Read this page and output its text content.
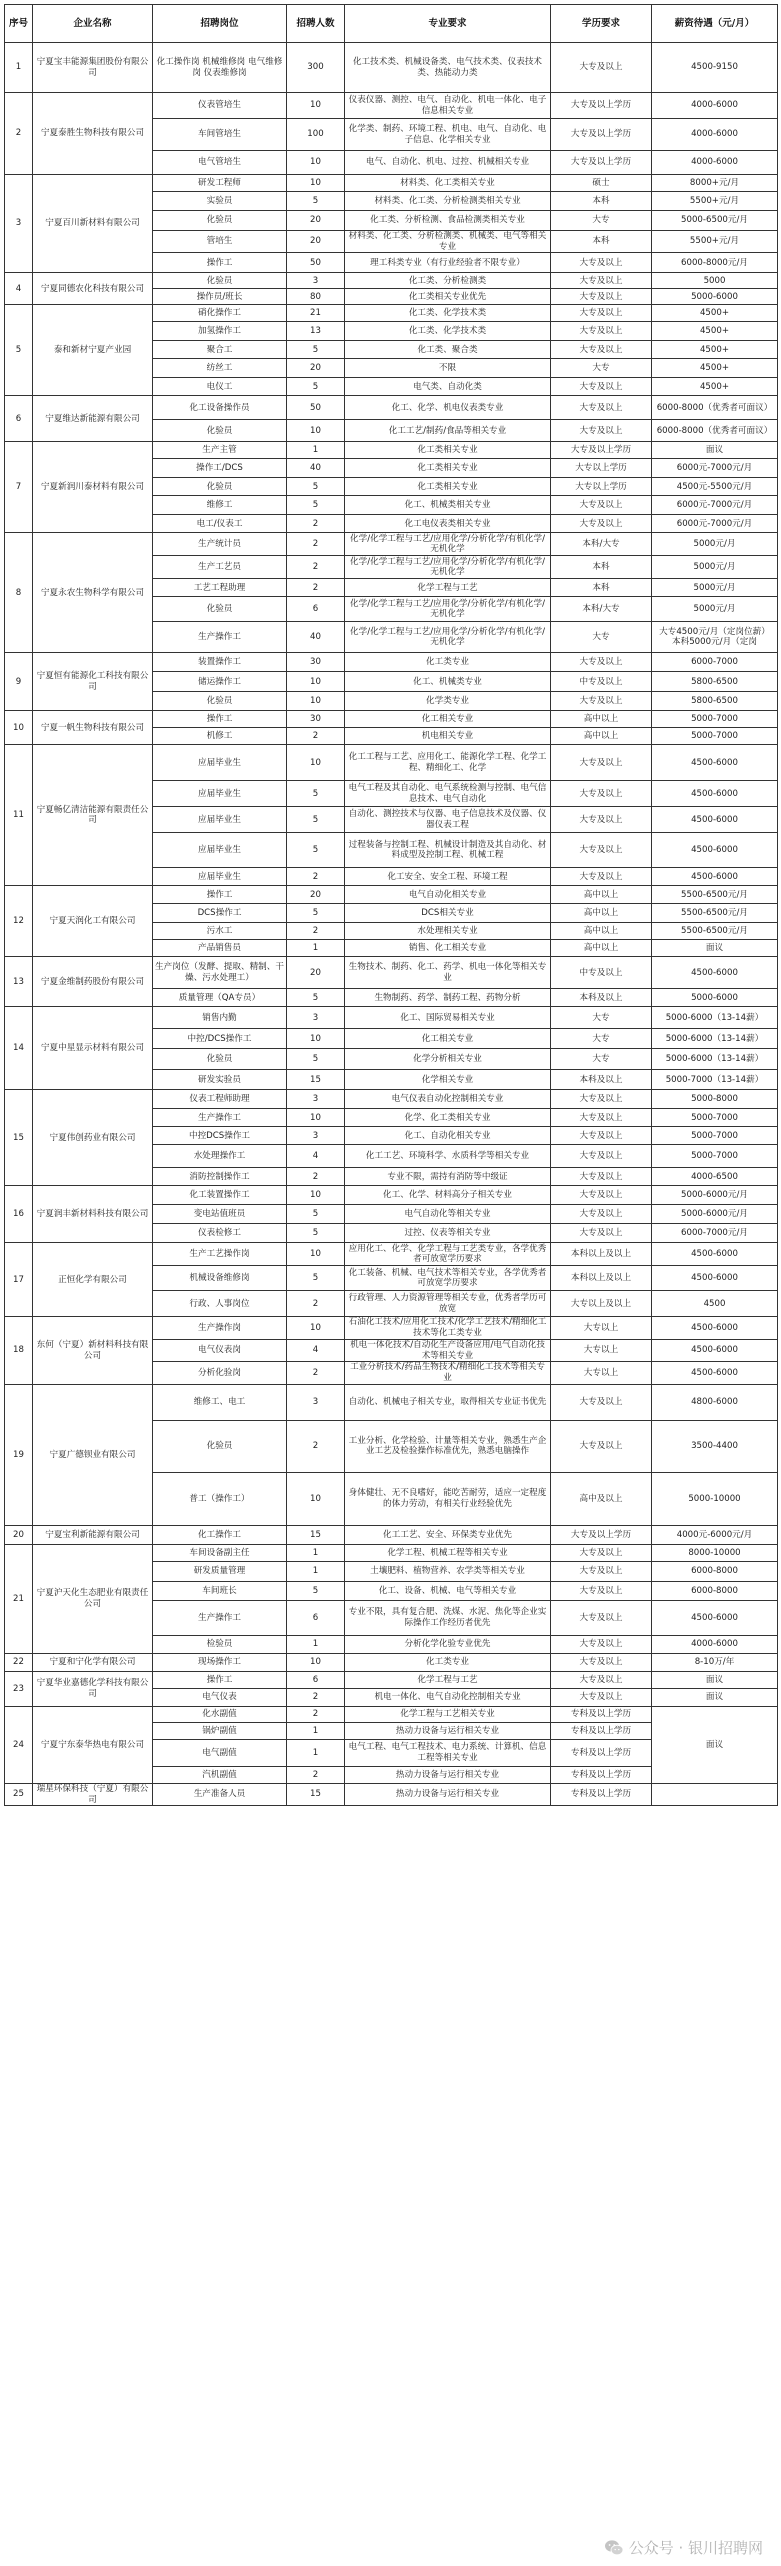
序号	企业名称	招聘岗位	招聘人数	专业要求	学历要求	薪资待遇（元/月）
1	宁夏宝丰能源集团股份有限公司	化工操作岗 机械维修岗 电气维修岗 仪表维修岗	300	化工技术类、机械设备类、电气技术类、仪表技术类、热能动力类	大专及以上	4500-9150
2	宁夏泰胜生物科技有限公司	仪表管培生	10	仪表仪器、测控、电气、自动化、机电一体化、电子信息相关专业	大专及以上学历	4000-6000
		车间管培生	100	化学类、制药、环境工程、机电、电气、自动化、电子信息、化学相关专业	大专及以上学历	4000-6000
		电气管培生	10	电气、自动化、机电、过控、机械相关专业	大专及以上学历	4000-6000
3	宁夏百川新材料有限公司	研发工程师	10	材料类、化工类相关专业	硕士	8000+元/月
		实验员	5	材料类、化工类、分析检测类相关专业	本科	5500+元/月
		化验员	20	化工类、分析检测、食品检测类相关专业	大专	5000-6500元/月
		管培生	20	材料类、化工类、分析检测类、机械类、电气等相关专业	本科	5500+元/月
		操作工	50	理工科类专业（有行业经验者不限专业）	大专及以上	6000-8000元/月
4	宁夏同德农化科技有限公司	化验员	3	化工类、分析检测类	大专及以上	5000
		操作员/班长	80	化工类相关专业优先	大专及以上	5000-6000
5	泰和新材宁夏产业园	硝化操作工	21	化工类、化学技术类	大专及以上	4500+
		加氢操作工	13	化工类、化学技术类	大专及以上	4500+
		聚合工	5	化工类、聚合类	大专及以上	4500+
		纺丝工	20	不限	大专	4500+
		电仪工	5	电气类、自动化类	大专及以上	4500+
6	宁夏维达新能源有限公司	化工设备操作员	50	化工、化学、机电仪表类专业	大专及以上	6000-8000（优秀者可面议）
		化验员	10	化工工艺/制药/食品等相关专业	大专及以上	6000-8000（优秀者可面议）
7	宁夏新润川泰材料有限公司	生产主管	1	化工类相关专业	大专及以上学历	面议
		操作工/DCS	40	化工类相关专业	大专以上学历	6000元-7000元/月
		化验员	5	化工类相关专业	大专以上学历	4500元-5500元/月
		维修工	5	化工、机械类相关专业	大专及以上	6000元-7000元/月
		电工/仪表工	2	化工电仪表类相关专业	大专及以上	6000元-7000元/月
8	宁夏永农生物科学有限公司	生产统计员	2	化学/化学工程与工艺/应用化学/分析化学/有机化学/无机化学	本科/大专	5000元/月
		生产工艺员	2	化学/化学工程与工艺/应用化学/分析化学/有机化学/无机化学	本科	5000元/月
		工艺工程助理	2	化学工程与工艺	本科	5000元/月
		化验员	6	化学/化学工程与工艺/应用化学/分析化学/有机化学/无机化学	本科/大专	5000元/月
		生产操作工	40	化学/化学工程与工艺/应用化学/分析化学/有机化学/无机化学	大专	大专4500元/月（定岗位薪） 本科5000元/月（定岗
9	宁夏恒有能源化工科技有限公司	装置操作工	30	化工类专业	大专及以上	6000-7000
		储运操作工	10	化工、机械类专业	中专及以上	5800-6500
		化验员	10	化学类专业	大专及以上	5800-6500
10	宁夏一帆生物科技有限公司	操作工	30	化工相关专业	高中以上	5000-7000
		机修工	2	机电相关专业	高中以上	5000-7000
11	宁夏畅亿清洁能源有限责任公司	应届毕业生	10	化工工程与工艺、应用化工、能源化学工程、化学工程、精细化工、化学	大专及以上	4500-6000
		应届毕业生	5	电气工程及其自动化、电气系统检测与控制、电气信息技术、电气自动化	大专及以上	4500-6000
		应届毕业生	5	自动化、测控技术与仪器、电子信息技术及仪器、仪器仪表工程	大专及以上	4500-6000
		应届毕业生	5	过程装备与控制工程、机械设计制造及其自动化、材料成型及控制工程、机械工程	大专及以上	4500-6000
		应届毕业生	2	化工安全、安全工程、环境工程	大专及以上	4500-6000
12	宁夏天润化工有限公司	操作工	20	电气自动化相关专业	高中以上	5500-6500元/月
		DCS操作工	5	DCS相关专业	高中以上	5500-6500元/月
		污水工	2	水处理相关专业	高中以上	5500-6500元/月
		产品销售员	1	销售、化工相关专业	高中以上	面议
13	宁夏金维制药股份有限公司	生产岗位（发酵、提取、精制、干燥、污水处理工）	20	生物技术、制药、化工、药学、机电一体化等相关专业	中专及以上	4500-6000
		质量管理（QA专员）	5	生物制药、药学、制药工程、药物分析	本科及以上	5000-6000
14	宁夏中星显示材料有限公司	销售内勤	3	化工、国际贸易相关专业	大专	5000-6000（13-14薪）
		中控/DCS操作工	10	化工相关专业	大专	5000-6000（13-14薪）
		化验员	5	化学分析相关专业	大专	5000-6000（13-14薪）
		研发实验员	15	化学相关专业	本科及以上	5000-7000（13-14薪）
15	宁夏伟创药业有限公司	仪表工程师助理	3	电气仪表自动化控制相关专业	大专及以上	5000-8000
		生产操作工	10	化学、化工类相关专业	大专及以上	5000-7000
		中控DCS操作工	3	化工、自动化相关专业	大专及以上	5000-7000
		水处理操作工	4	化工工艺、环境科学、水质科学等相关专业	大专及以上	5000-7000
		消防控制操作工	2	专业不限，需持有消防等中级证	大专及以上	4000-6500
16	宁夏润丰新材料科技有限公司	化工装置操作工	10	化工、化学、材料高分子相关专业	大专及以上	5000-6000元/月
		变电站值班员	5	电气自动化等相关专业	大专及以上	5000-6000元/月
		仪表检修工	5	过控、仪表等相关专业	大专及以上	6000-7000元/月
17	正恒化学有限公司	生产工艺操作岗	10	应用化工、化学、化学工程与工艺类专业，各学优秀者可放宽学历要求	本科以上及以上	4500-6000
		机械设备维修岗	5	化工装备、机械、电气技术等相关专业，各学优秀者可放宽学历要求	本科以上及以上	4500-6000
		行政、人事岗位	2	行政管理、人力资源管理等相关专业，优秀者学历可放宽	大专以上及以上	4500
18	东何（宁夏）新材料科技有限公司	生产操作岗	10	石油化工技术/应用化工技术/化学工艺技术/精细化工技术等化工类专业	大专以上	4500-6000
		电气仪表岗	4	机电一体化技术/自动化生产设备应用/电气自动化技术等相关专业	大专以上	4500-6000
		分析化验岗	2	工业分析技术/药品生物技术/精细化工技术等相关专业	大专以上	4500-6000
19	宁夏广德钡业有限公司	维修工、电工	3	自动化、机械电子相关专业，取得相关专业证书优先	大专及以上	4800-6000
		化验员	2	工业分析、化学检验、计量等相关专业，熟悉生产企业工艺及检验操作标准优先，熟悉电脑操作	大专及以上	3500-4400
		普工（操作工）	10	身体健壮、无不良嗜好，能吃苦耐劳，适应一定程度的体力劳动，有相关行业经验优先	高中及以上	5000-10000
20	宁夏宝利新能源有限公司	化工操作工	15	化工工艺、安全、环保类专业优先	大专及以上学历	4000元-6000元/月
21	宁夏沪天化生态肥业有限责任公司	车间设备副主任	1	化学工程、机械工程等相关专业	大专及以上	8000-10000
		研发质量管理	1	土壤肥料、植物营养、农学类等相关专业	大专及以上	6000-8000
		车间班长	5	化工、设备、机械、电气等相关专业	大专及以上	6000-8000
		生产操作工	6	专业不限，具有复合肥、洗煤、水泥、焦化等企业实际操作工作经历者优先	大专及以上	4500-6000
		检验员	1	分析化学化验专业优先	大专及以上	4000-6000
22	宁夏和宁化学有限公司	现场操作工	10	化工类专业	大专及以上	8-10万/年
23	宁夏华业嘉德化学科技有限公司	操作工	6	化学工程与工艺	大专及以上	面议
		电气仪表	2	机电一体化、电气自动化控制相关专业	大专及以上	面议
24	宁夏宁东泰华热电有限公司	化水副值	2	化学工程与工艺相关专业	专科及以上学历	面议
		锅炉副值	1	热动力设备与运行相关专业	专科及以上学历	
		电气副值	1	电气工程、电气工程技术、电力系统、计算机、信息工程等相关专业	专科及以上学历	
		汽机副值	2	热动力设备与运行相关专业	专科及以上学历	
25	瑞星环保科技（宁夏）有限公司	生产准备人员	15	热动力设备与运行相关专业	专科及以上学历	
公众号 · 银川招聘网
